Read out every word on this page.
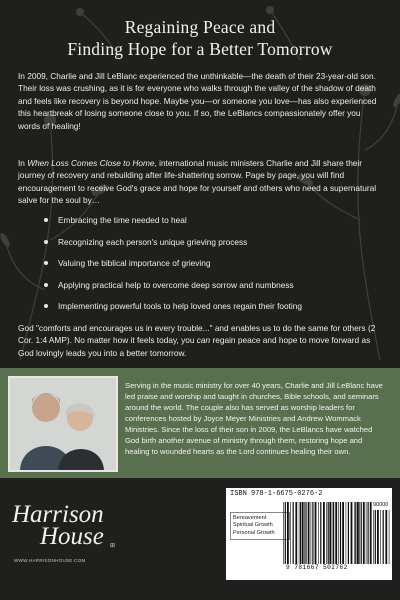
Regaining Peace and
Finding Hope for a Better Tomorrow
In 2009, Charlie and Jill LeBlanc experienced the unthinkable—the death of their 23-year-old son. Their loss was crushing, as it is for everyone who walks through the valley of the shadow of death and feels like recovery is beyond hope. Maybe you—or someone you love—has also experienced this heartbreak of losing someone close to you. If so, the LeBlancs compassionately offer you words of healing!
In When Loss Comes Close to Home, international music ministers Charlie and Jill share their journey of recovery and rebuilding after life-shattering sorrow. Page by page, you will find encouragement to receive God's grace and hope for yourself and others who need a supernatural salve for the soul by…
Embracing the time needed to heal
Recognizing each person's unique grieving process
Valuing the biblical importance of grieving
Applying practical help to overcome deep sorrow and numbness
Implementing powerful tools to help loved ones regain their footing
God "comforts and encourages us in every trouble..." and enables us to do the same for others (2 Cor. 1:4 AMP). No matter how it feels today, you can regain peace and hope to move forward as God lovingly leads you into a better tomorrow.
Serving in the music ministry for over 40 years, Charlie and Jill LeBlanc have led praise and worship and taught in churches, Bible schools, and seminars around the world. The couple also has served as worship leaders for conferences hosted by Joyce Meyer Ministries and Andrew Wommack Ministries. Since the loss of their son in 2009, the LeBlancs have watched God birth another avenue of ministry through them, restoring hope and healing to wounded hearts as the Lord continues healing their own.
Harrison
House
WWW.HARRISONHOUSE.COM
⊞
ISBN 978-1-6675-0276-2
Bereavement
Spiritual Growth
Personal Growth
90000
9 781667 502762
